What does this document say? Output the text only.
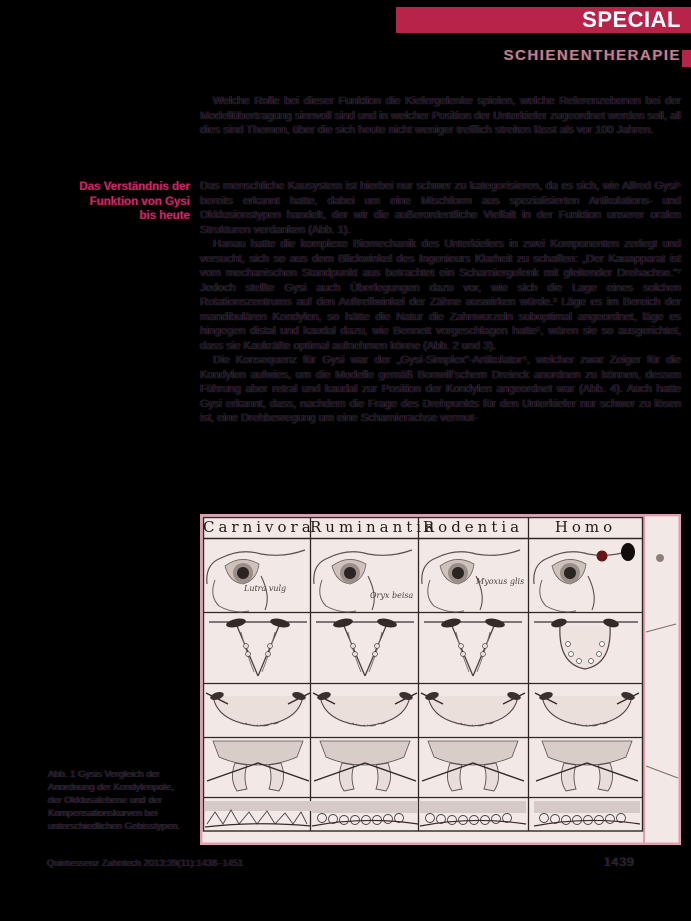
SPECIAL
SCHIENENTHERAPIE

Welche Rolle bei dieser Funktion die Kiefergelenke spielen, welche Referenzebenen bei der Modellübertragung sinnvoll sind und in welcher Position der Unterkiefer zugeordnet werden soll, all dies sind Themen, über die sich heute nicht weniger trefflich streiten lässt als vor 100 Jahren.

Das Verständnis der
Funktion von Gysi
bis heute

Das menschliche Kausystem ist hierbei nur schwer zu kategorisieren, da es sich, wie Alfred Gysi⁵ bereits erkannt hatte, dabei um eine Mischform aus spezialisierten Artikulations- und Okklusionstypen handelt, der wir die außerordentliche Vielfalt in der Funktion unserer oralen Strukturen verdanken (Abb. 1).

Hanau hatte die komplexe Biomechanik des Unterkiefers in zwei Komponenten zerlegt und versucht, sich so aus dem Blickwinkel des Ingenieurs Klarheit zu schaffen: „Der Kauapparat ist vom mechanischen Standpunkt aus betrachtet ein Scharniergelenk mit gleitender Drehachse.“⁷ Jedoch stellte Gysi auch Überlegungen dazu vor, wie sich die Lage eines solchen Rotationszentrums auf den Auftreffwinkel der Zähne auswirken würde.³ Läge es im Bereich der mandibulären Kondylen, so hätte die Natur die Zahnwurzeln suboptimal angeordnet, läge es hingegen distal und kaudal dazu, wie Bennett vorgeschlagen hatte¹, wären sie so ausgerichtet, dass sie Kaukräfte optimal aufnehmen könne (Abb. 2 und 3).

Die Konsequenz für Gysi war der „Gysi-Simplex“-Artikulator⁴, welcher zwar Zeiger für die Kondylen aufwies, um die Modelle gemäß Bonwill’schem Dreieck anordnen zu können, dessen Führung aber retral und kaudal zur Position der Kondylen angeordnet war (Abb. 4). Auch hatte Gysi erkannt, dass, nachdem die Frage des Drehpunkts für den Unterkiefer nur schwer zu lösen ist, eine Drehbewegung um eine Scharnierachse vermut-

Carnivora
Ruminantia
Rodentia	Homo
Lutra vulg
Oryx beisa
Myoxus glis
Abb. 1 Gysis Vergleich der
Anordnung der Kondylenpole,
der Okklusalebene und der
Kompensationskurven bei
unterschiedlichen Gebisstypen.
Quintessenz Zahntech 2013;39(11):1438–1451	1439
